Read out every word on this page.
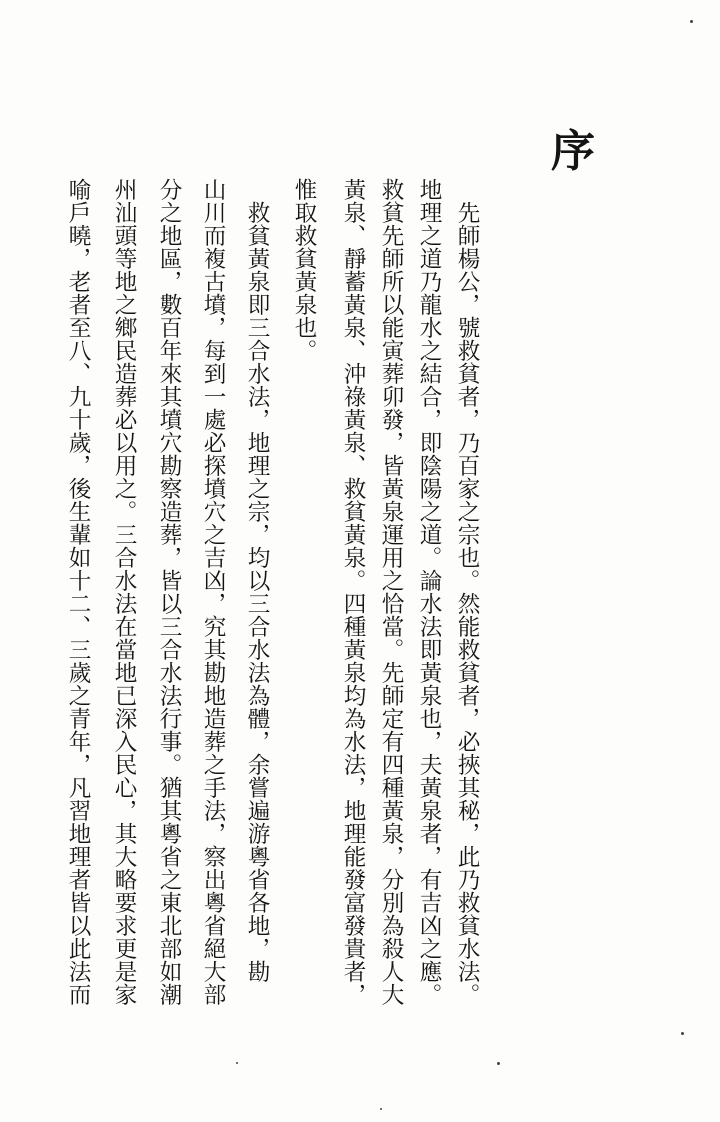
序
　先師楊公，號救貧者，乃百家之宗也。然能救貧者，必挾其秘，此乃救貧水法。
地理之道乃龍水之結合，即陰陽之道。論水法即黃泉也，夫黃泉者，有吉凶之應。
救貧先師所以能寅葬卯發，皆黃泉運用之恰當。先師定有四種黃泉，分別為殺人大
黃泉、靜蓄黃泉、沖祿黃泉、救貧黃泉。四種黃泉均為水法，地理能發富發貴者，
惟取救貧黃泉也。
　救貧黃泉即三合水法，地理之宗，均以三合水法為體，余嘗遍游粵省各地，勘
山川而複古墳，每到一處必探墳穴之吉凶，究其勘地造葬之手法，察出粵省絕大部
分之地區，數百年來其墳穴勘察造葬，皆以三合水法行事。猶其粵省之東北部如潮
州汕頭等地之鄉民造葬必以用之。三合水法在當地已深入民心，其大略要求更是家
喻戶曉，老者至八、九十歲，後生輩如十二、三歲之青年，凡習地理者皆以此法而
